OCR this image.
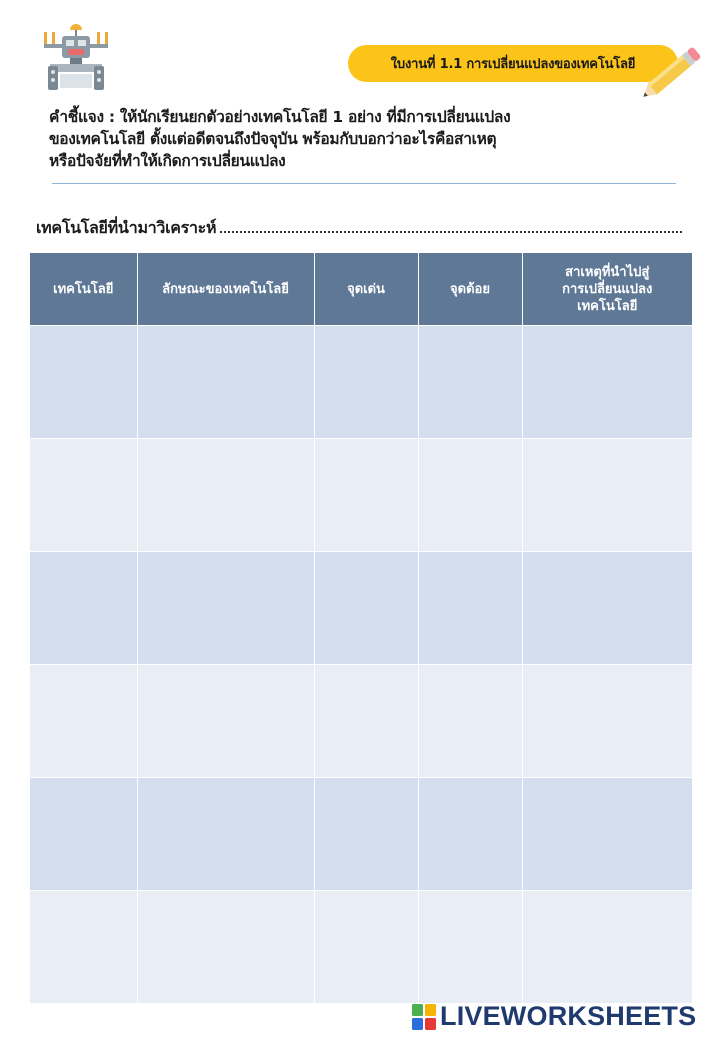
ใบงานที่ 1.1 การเปลี่ยนแปลงของเทคโนโลยี
คำชี้แจง : ให้นักเรียนยกตัวอย่างเทคโนโลยี 1 อย่าง ที่มีการเปลี่ยนแปลง
ของเทคโนโลยี ตั้งแต่อดีตจนถึงปัจจุบัน พร้อมกับบอกว่าอะไรคือสาเหตุ
หรือปัจจัยที่ทำให้เกิดการเปลี่ยนแปลง
เทคโนโลยีที่นำมาวิเคราะห์
เทคโนโลยี	ลักษณะของเทคโนโลยี	จุดเด่น	จุดด้อย	สาเหตุที่นำไปสู่
การเปลี่ยนแปลง
เทคโนโลยี

LIVEWORKSHEETS
